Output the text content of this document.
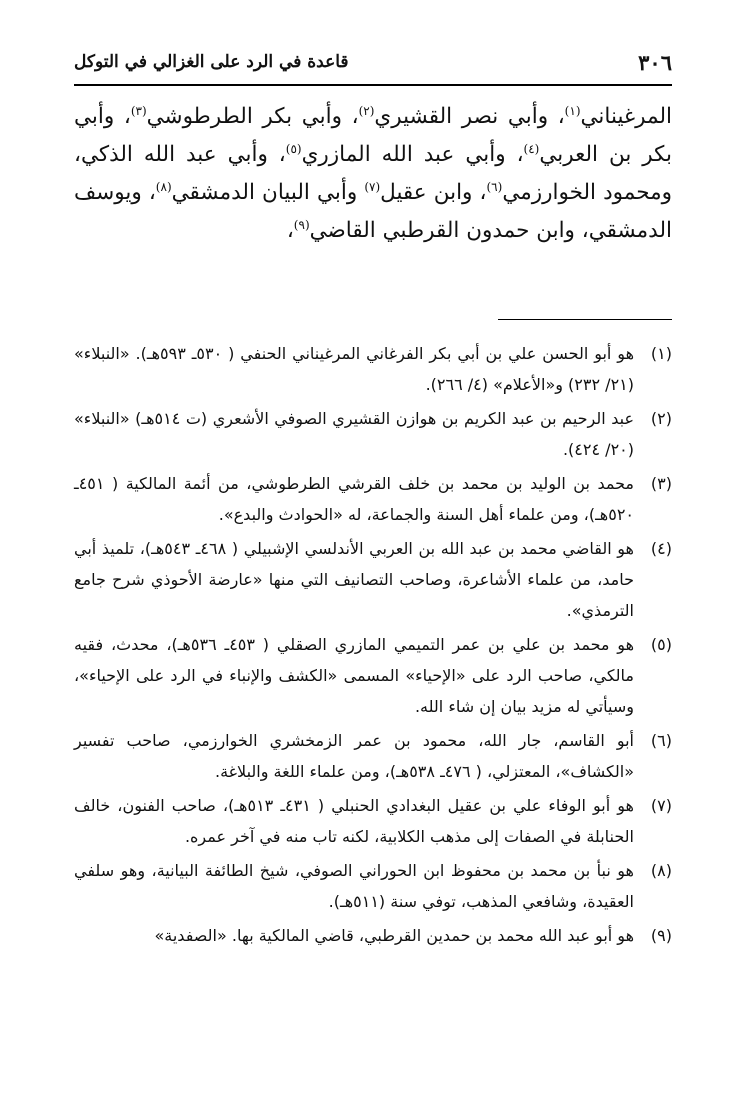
٣٠٦
قاعدة في الرد على الغزالي في التوكل
المرغيناني$^{(١)}$، وأبي نصر القشيري$^{(٢)}$، وأبي بكر الطرطوشي$^{(٣)}$، وأبي بكر بن العربي$^{(٤)}$، وأبي عبد الله المازري$^{(٥)}$، وأبي عبد الله الذكي، ومحمود الخوارزمي$^{(٦)}$، وابن عقيل$^{(٧)}$ وأبي البيان الدمشقي$^{(٨)}$، ويوسف الدمشقي، وابن حمدون القرطبي القاضي$^{(٩)}$،
(١)
هو أبو الحسن علي بن أبي بكر الفرغاني المرغيناني الحنفي ( ٥٣٠ـ ٥٩٣هـ). «النبلاء» (٢١/ ٢٣٢) و«الأعلام» (٤/ ٢٦٦).
(٢)
عبد الرحيم بن عبد الكريم بن هوازن القشيري الصوفي الأشعري (ت ٥١٤هـ) «النبلاء» (٢٠/ ٤٢٤).
(٣)
محمد بن الوليد بن محمد بن خلف القرشي الطرطوشي، من أئمة المالكية ( ٤٥١ـ ٥٢٠هـ)، ومن علماء أهل السنة والجماعة، له «الحوادث والبدع».
(٤)
هو القاضي محمد بن عبد الله بن العربي الأندلسي الإشبيلي ( ٤٦٨ـ ٥٤٣هـ)، تلميذ أبي حامد، من علماء الأشاعرة، وصاحب التصانيف التي منها «عارضة الأحوذي شرح جامع الترمذي».
(٥)
هو محمد بن علي بن عمر التميمي المازري الصقلي ( ٤٥٣ـ ٥٣٦هـ)، محدث، فقيه مالكي، صاحب الرد على «الإحياء» المسمى «الكشف والإنباء في الرد على الإحياء»، وسيأتي له مزيد بيان إن شاء الله.
(٦)
أبو القاسم، جار الله، محمود بن عمر الزمخشري الخوارزمي، صاحب تفسير «الكشاف»، المعتزلي، ( ٤٧٦ـ ٥٣٨هـ)، ومن علماء اللغة والبلاغة.
(٧)
هو أبو الوفاء علي بن عقيل البغدادي الحنبلي ( ٤٣١ـ ٥١٣هـ)، صاحب الفنون، خالف الحنابلة في الصفات إلى مذهب الكلابية، لكنه تاب منه في آخر عمره.
(٨)
هو نبأ بن محمد بن محفوظ ابن الحوراني الصوفي، شيخ الطائفة البيانية، وهو سلفي العقيدة، وشافعي المذهب، توفي سنة (٥١١هـ).
(٩)
هو أبو عبد الله محمد بن حمدين القرطبي، قاضي المالكية بها. «الصفدية»
